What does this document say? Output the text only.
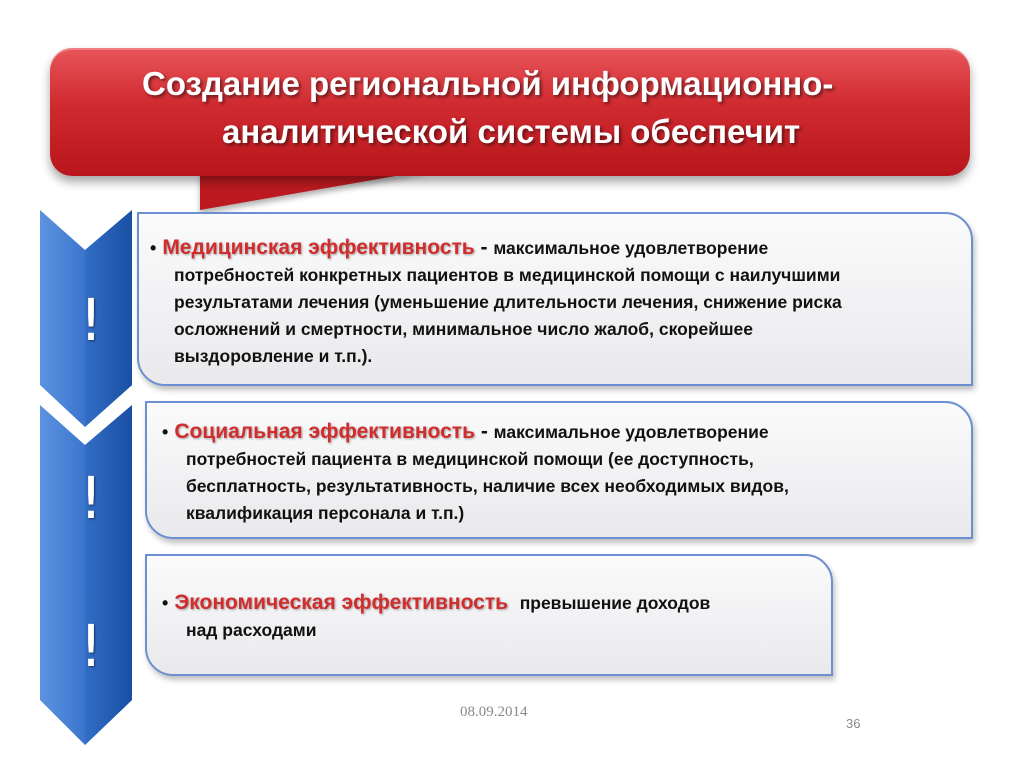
Создание региональной информационно-
аналитической системы обеспечит
!
!
!
• Медицинская эффективность - максимальное удовлетворение
потребностей конкретных пациентов в медицинской помощи с наилучшими
результатами лечения (уменьшение длительности лечения, снижение риска
осложнений и смертности, минимальное число жалоб, скорейшее
выздоровление и т.п.).
• Социальная эффективность - максимальное удовлетворение
потребностей пациента в медицинской помощи (ее доступность,
бесплатность, результативность, наличие всех необходимых видов,
квалификация персонала и т.п.)
• Экономическая эффективность превышение доходов
над расходами
08.09.2014
36
